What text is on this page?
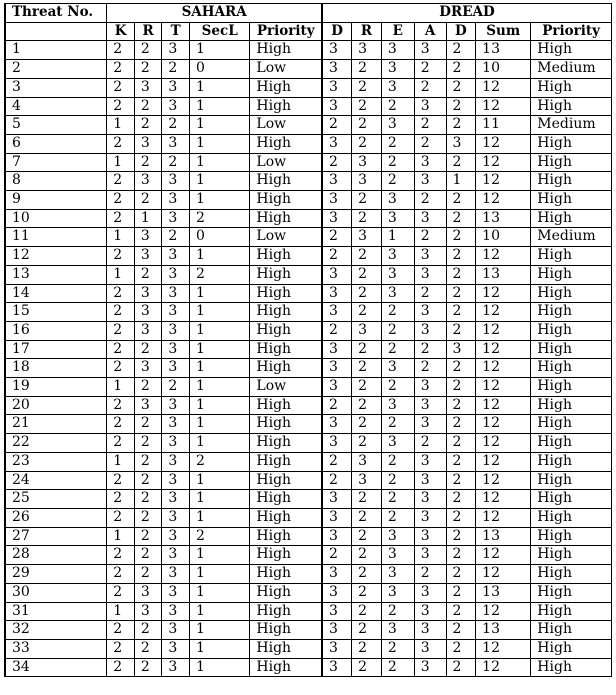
Threat No.	SAHARA					DREAD						
	K	R	T	SecL	Priority	D	R	E	A	D	Sum	Priority
1	2	2	3	1	High	3	3	3	3	2	13	High
2	2	2	2	0	Low	3	2	3	2	2	10	Medium
3	2	3	3	1	High	3	2	3	2	2	12	High
4	2	2	3	1	High	3	2	2	3	2	12	High
5	1	2	2	1	Low	2	2	3	2	2	11	Medium
6	2	3	3	1	High	3	2	2	2	3	12	High
7	1	2	2	1	Low	2	3	2	3	2	12	High
8	2	3	3	1	High	3	3	2	3	1	12	High
9	2	2	3	1	High	3	2	3	2	2	12	High
10	2	1	3	2	High	3	2	3	3	2	13	High
11	1	3	2	0	Low	2	3	1	2	2	10	Medium
12	2	3	3	1	High	2	2	3	3	2	12	High
13	1	2	3	2	High	3	2	3	3	2	13	High
14	2	3	3	1	High	3	2	3	2	2	12	High
15	2	3	3	1	High	3	2	2	3	2	12	High
16	2	3	3	1	High	2	3	2	3	2	12	High
17	2	2	3	1	High	3	2	2	2	3	12	High
18	2	3	3	1	High	3	2	3	2	2	12	High
19	1	2	2	1	Low	3	2	2	3	2	12	High
20	2	3	3	1	High	2	2	3	3	2	12	High
21	2	2	3	1	High	3	2	2	3	2	12	High
22	2	2	3	1	High	3	2	3	2	2	12	High
23	1	2	3	2	High	2	3	2	3	2	12	High
24	2	2	3	1	High	2	3	2	3	2	12	High
25	2	2	3	1	High	3	2	2	3	2	12	High
26	2	2	3	1	High	3	2	2	3	2	12	High
27	1	2	3	2	High	3	2	3	3	2	13	High
28	2	2	3	1	High	2	2	3	3	2	12	High
29	2	2	3	1	High	3	2	3	2	2	12	High
30	2	3	3	1	High	3	2	3	3	2	13	High
31	1	3	3	1	High	3	2	2	3	2	12	High
32	2	2	3	1	High	3	2	3	3	2	13	High
33	2	2	3	1	High	3	2	2	3	2	12	High
34	2	2	3	1	High	3	2	2	3	2	12	High
